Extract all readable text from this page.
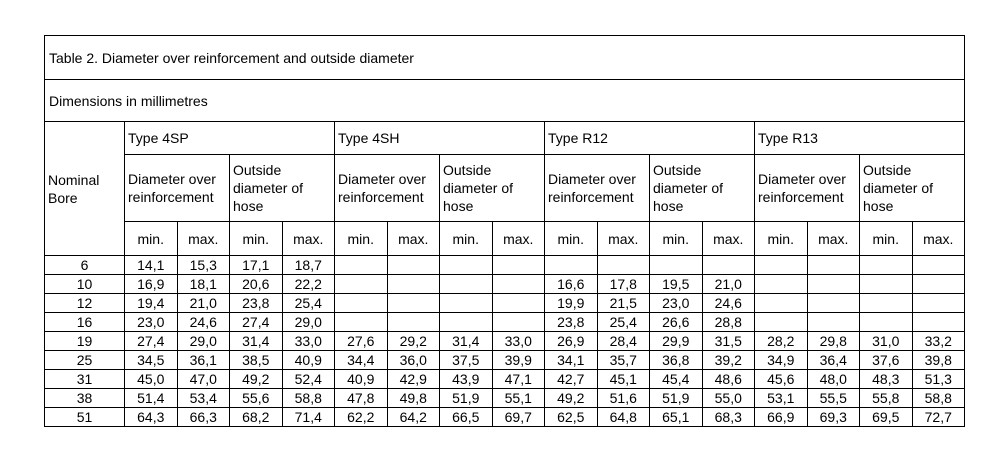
Table 2. Diameter over reinforcement and outside diameter																
Dimensions in millimetres																
Nominal Bore	Type 4SP				Type 4SH				Type R12				Type R13			
	Diameter over reinforcement		Outside diameter of hose		Diameter over reinforcement		Outside diameter of hose		Diameter over reinforcement		Outside diameter of hose		Diameter over reinforcement		Outside diameter of hose	
	min.	max.	min.	max.	min.	max.	min.	max.	min.	max.	min.	max.	min.	max.	min.	max.
6	14,1	15,3	17,1	18,7												
10	16,9	18,1	20,6	22,2					16,6	17,8	19,5	21,0				
12	19,4	21,0	23,8	25,4					19,9	21,5	23,0	24,6				
16	23,0	24,6	27,4	29,0					23,8	25,4	26,6	28,8				
19	27,4	29,0	31,4	33,0	27,6	29,2	31,4	33,0	26,9	28,4	29,9	31,5	28,2	29,8	31,0	33,2
25	34,5	36,1	38,5	40,9	34,4	36,0	37,5	39,9	34,1	35,7	36,8	39,2	34,9	36,4	37,6	39,8
31	45,0	47,0	49,2	52,4	40,9	42,9	43,9	47,1	42,7	45,1	45,4	48,6	45,6	48,0	48,3	51,3
38	51,4	53,4	55,6	58,8	47,8	49,8	51,9	55,1	49,2	51,6	51,9	55,0	53,1	55,5	55,8	58,8
51	64,3	66,3	68,2	71,4	62,2	64,2	66,5	69,7	62,5	64,8	65,1	68,3	66,9	69,3	69,5	72,7
